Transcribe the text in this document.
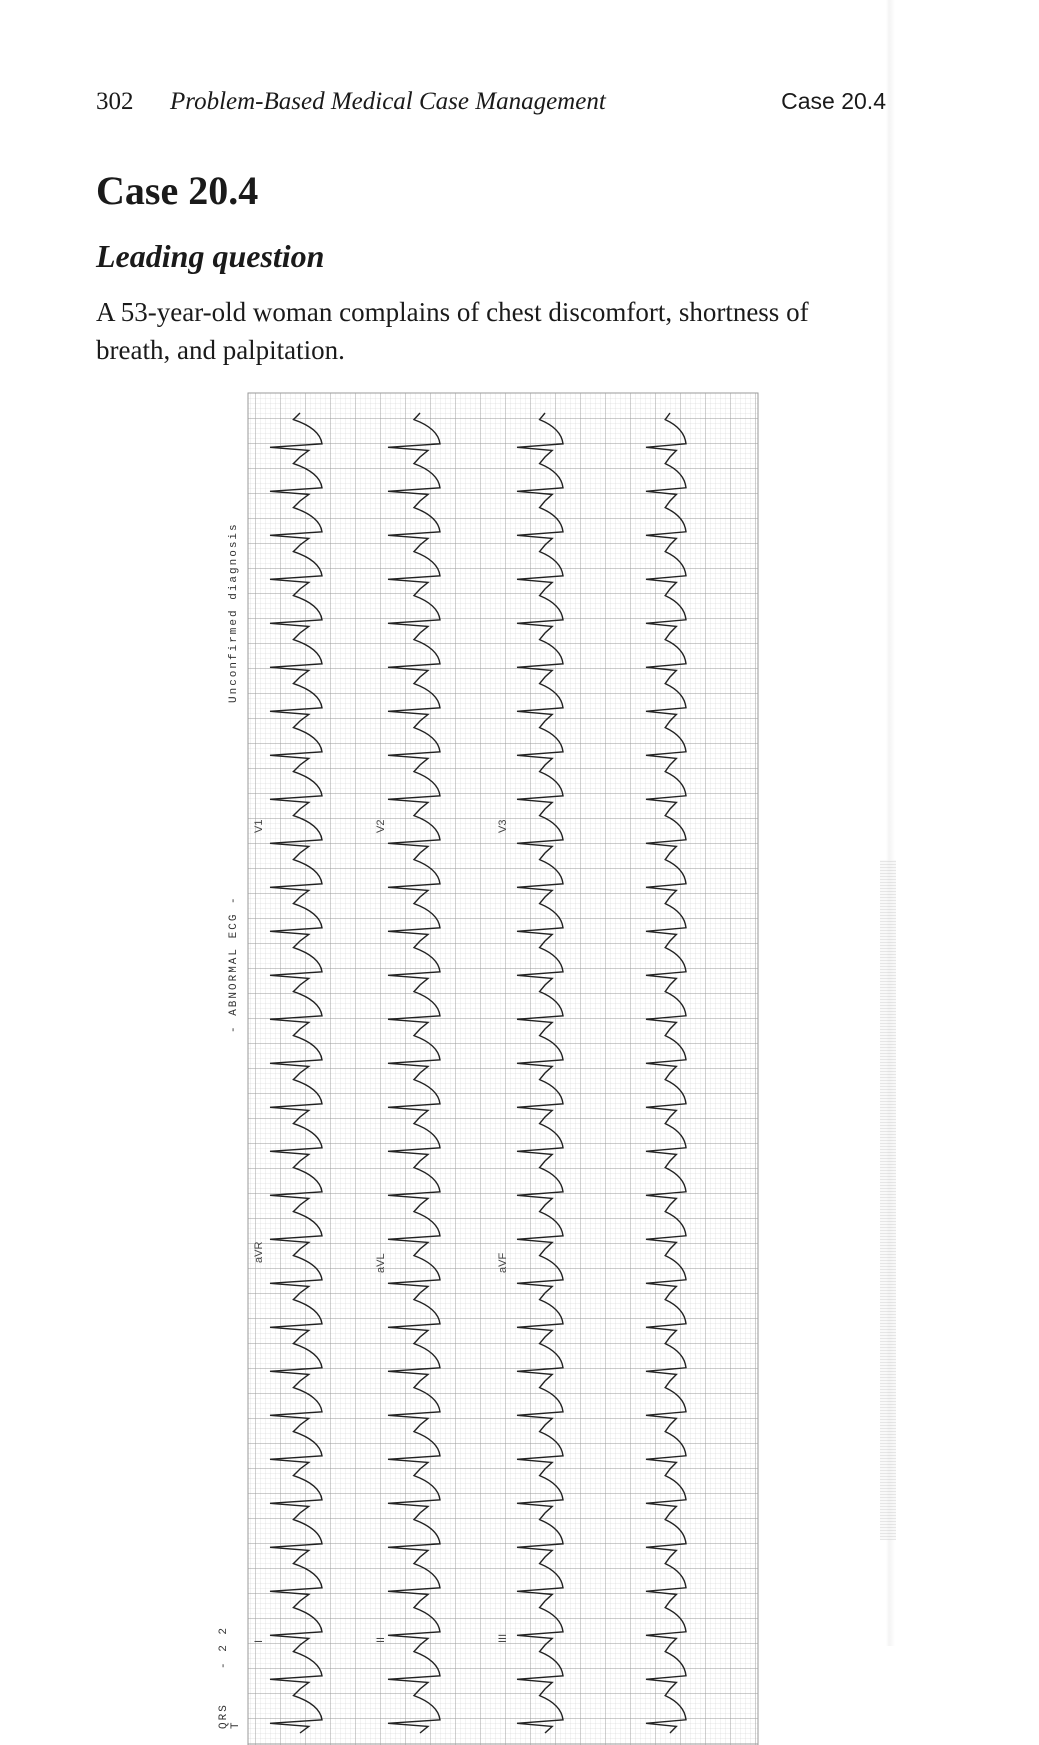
302 Problem-Based Medical Case Management	Case 20.4
Case 20.4
Leading question

A 53-year-old woman complains of chest discomfort, shortness of breath, and palpitation.

Unconfirmed diagnosis
- ABNORMAL ECG -
QRS
- 2 2
T
I
aVR
V1
II
aVL
V2
III
aVF
V3
